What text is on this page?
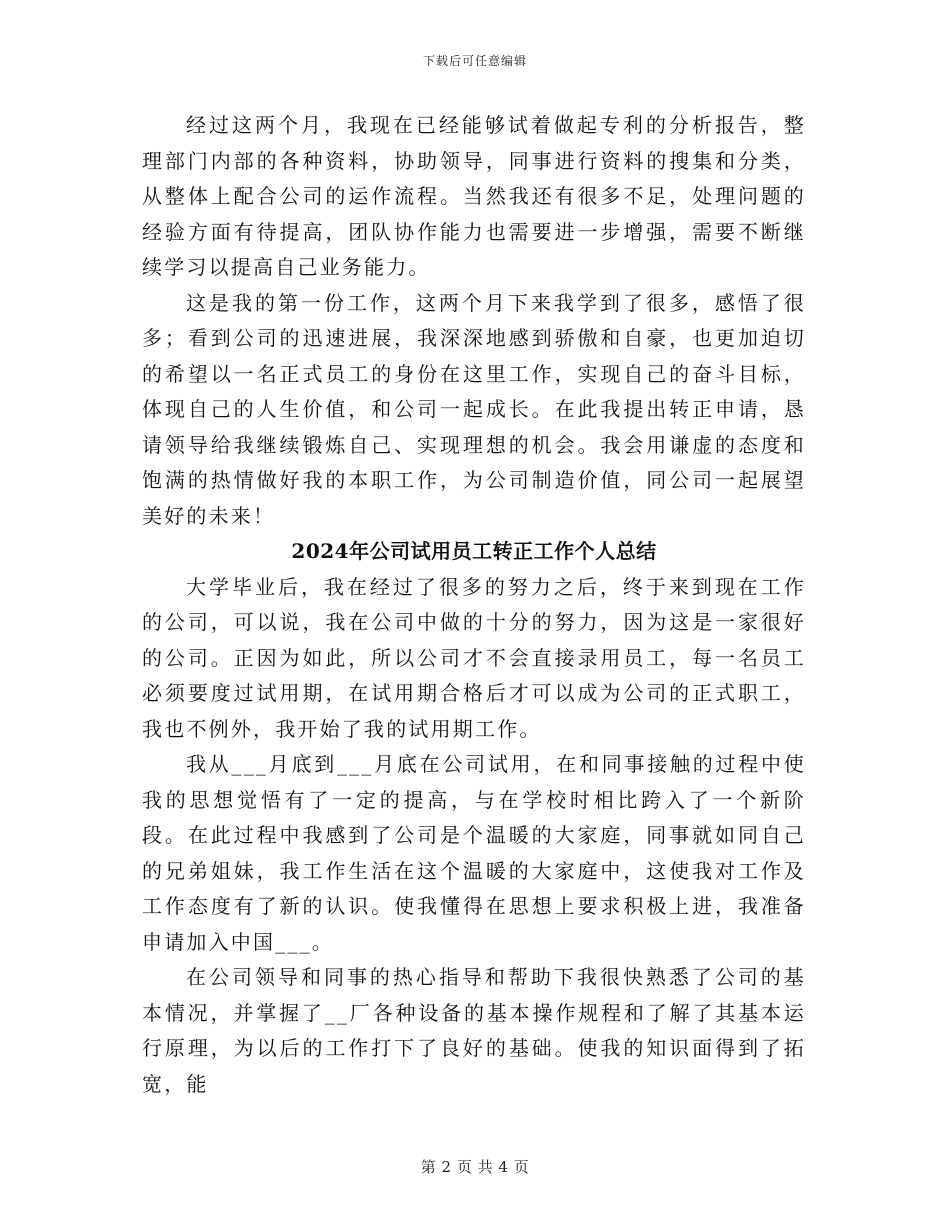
下载后可任意编辑

经过这两个月，我现在已经能够试着做起专利的分析报告，整理部门内部的各种资料，协助领导，同事进行资料的搜集和分类，从整体上配合公司的运作流程。当然我还有很多不足，处理问题的经验方面有待提高，团队协作能力也需要进一步增强，需要不断继续学习以提高自己业务能力。

这是我的第一份工作，这两个月下来我学到了很多，感悟了很多；看到公司的迅速进展，我深深地感到骄傲和自豪，也更加迫切的希望以一名正式员工的身份在这里工作，实现自己的奋斗目标，体现自己的人生价值，和公司一起成长。在此我提出转正申请，恳请领导给我继续锻炼自己、实现理想的机会。我会用谦虚的态度和饱满的热情做好我的本职工作，为公司制造价值，同公司一起展望美好的未来！

2024年公司试用员工转正工作个人总结

大学毕业后，我在经过了很多的努力之后，终于来到现在工作的公司，可以说，我在公司中做的十分的努力，因为这是一家很好的公司。正因为如此，所以公司才不会直接录用员工，每一名员工必须要度过试用期，在试用期合格后才可以成为公司的正式职工，我也不例外，我开始了我的试用期工作。

我从___月底到___月底在公司试用，在和同事接触的过程中使我的思想觉悟有了一定的提高，与在学校时相比跨入了一个新阶段。在此过程中我感到了公司是个温暖的大家庭，同事就如同自己的兄弟姐妹，我工作生活在这个温暖的大家庭中，这使我对工作及工作态度有了新的认识。使我懂得在思想上要求积极上进，我准备申请加入中国___。

在公司领导和同事的热心指导和帮助下我很快熟悉了公司的基本情况，并掌握了__厂各种设备的基本操作规程和了解了其基本运行原理，为以后的工作打下了良好的基础。使我的知识面得到了拓宽，能

第 2 页 共 4 页
